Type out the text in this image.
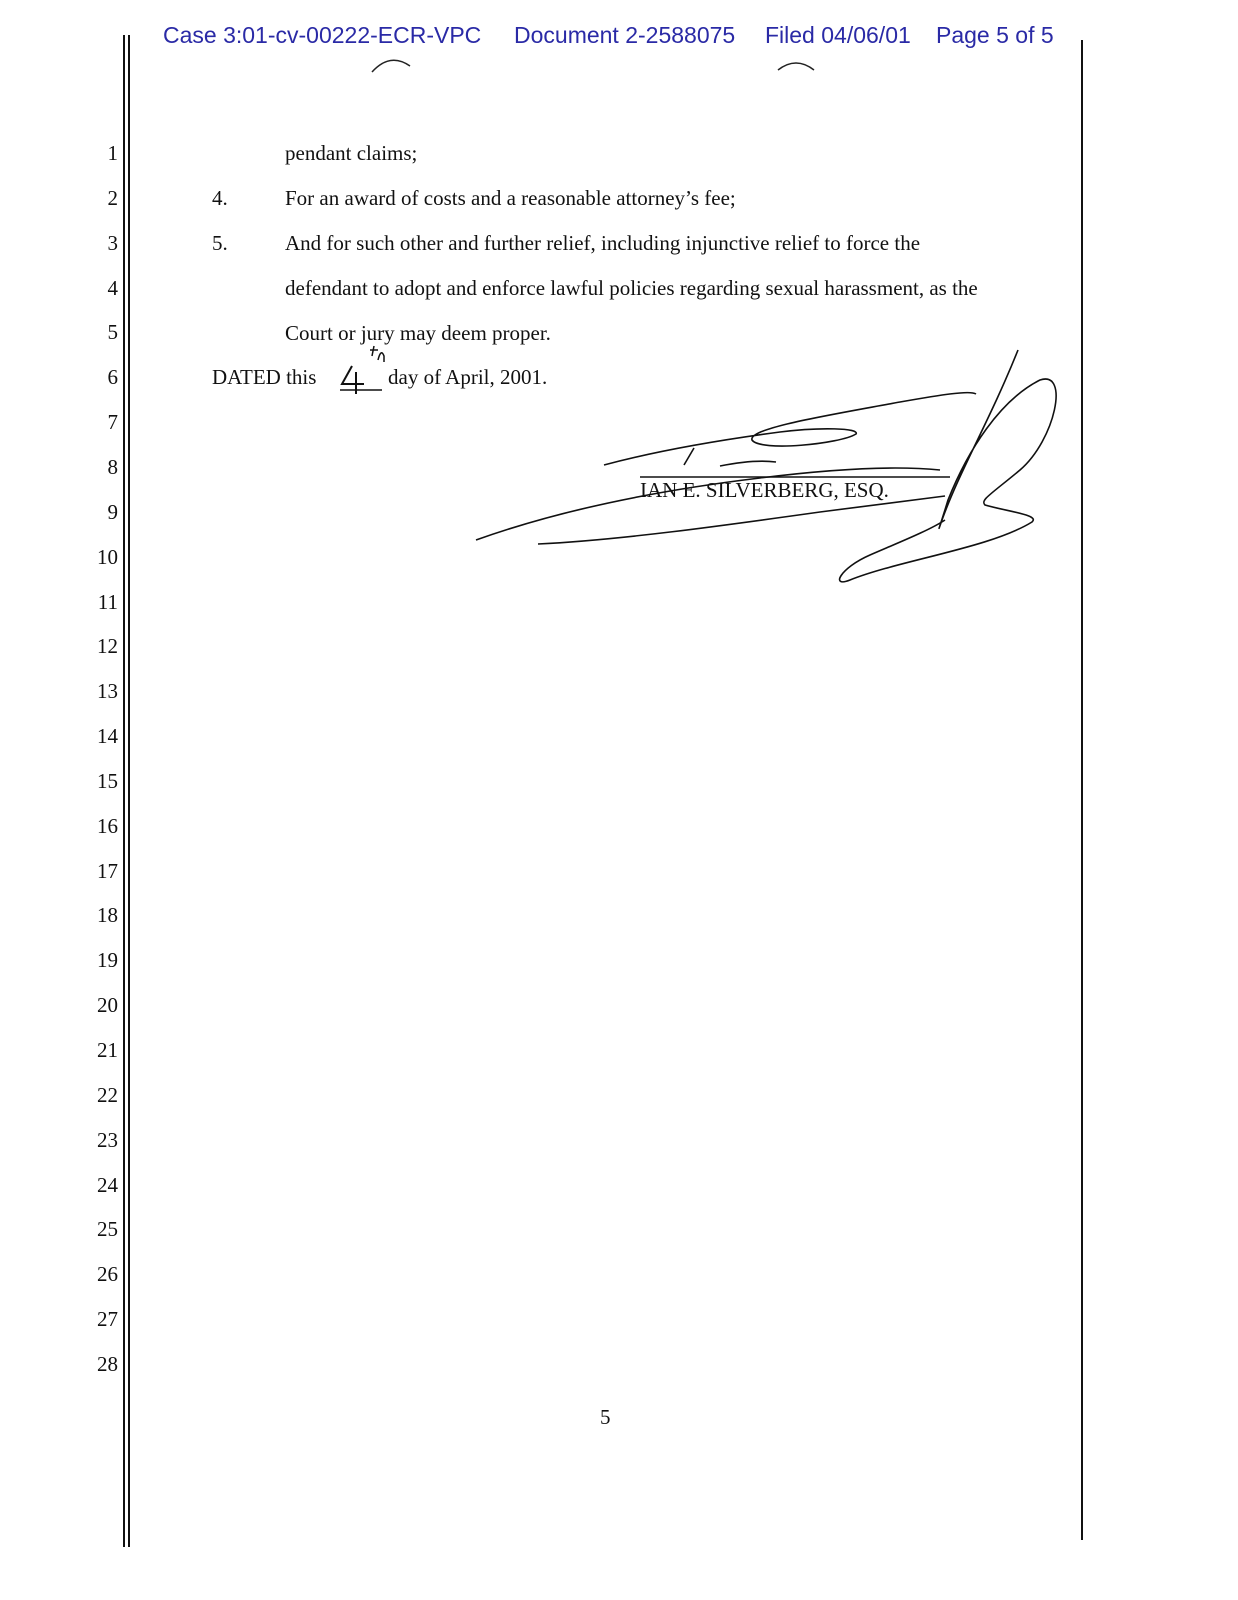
Case 3:01-cv-00222-ECR-VPC Document 2-2588075 Filed 04/06/01 Page 5 of 5
1
2
3
4
5
6
7
8
9
10
11
12
13
14
15
16
17
18
19
20
21
22
23
24
25
26
27
28
pendant claims;
4.	For an award of costs and a reasonable attorney’s fee;
5.	And for such other and further relief, including injunctive relief to force the
defendant to adopt and enforce lawful policies regarding sexual harassment, as the
Court or jury may deem proper.
DATED this	day of April, 2001.
IAN E. SILVERBERG, ESQ.
5
